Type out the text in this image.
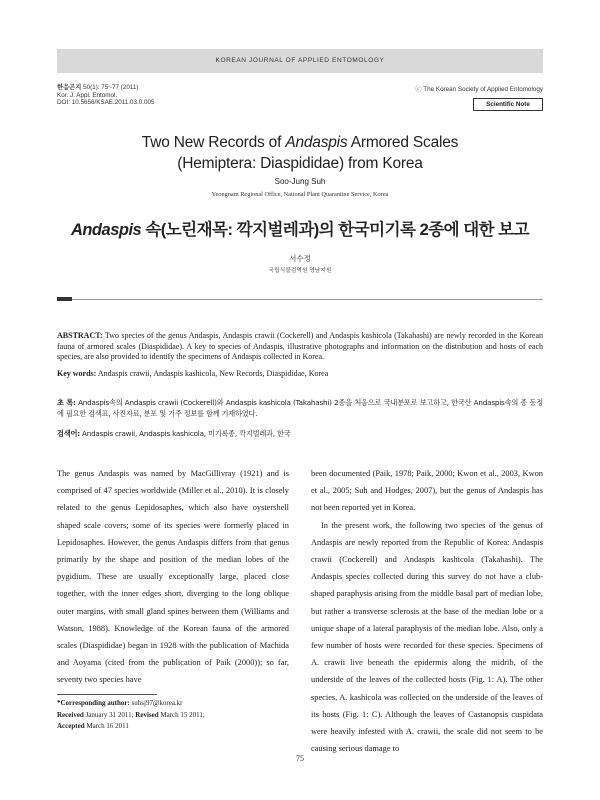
KOREAN JOURNAL OF APPLIED ENTOMOLOGY
한응곤지 50(1): 75~77 (2011)
Kor. J. Appl. Entomol.
DOI: 10.5656/KSAE.2011.03.0.005
ⓒ The Korean Society of Applied Entomology
Scientific Note
Two New Records of Andaspis Armored Scales
(Hemiptera: Diaspididae) from Korea
Soo-Jung Suh
Yeongnam Regional Office, National Plant Quarantine Service, Korea
Andaspis 속(노린재목: 깍지벌레과)의 한국미기록 2종에 대한 보고
서수정
국립식물검역원 영남지원
ABSTRACT: Two species of the genus Andaspis, Andaspis crawii (Cockerell) and Andaspis kashicola (Takahashi) are newly recorded in the Korean fauna of armored scales (Diaspididae). A key to species of Andaspis, illustrative photographs and information on the distribution and hosts of each species, are also provided to identify the specimens of Andaspis collected in Korea.
Key words: Andaspis crawii, Andaspis kashicola, New Records, Diaspididae, Korea
초 록: Andaspis속의 Andaspis crawii (Cockerell)와 Andaspis kashicola (Takahashi) 2종을 처음으로 국내분포로 보고하고, 한국산 Andaspis속의 종 동정에 필요한 검색표, 사진자료, 분포 및 기주 정보를 함께 기재하였다.
검색어: Andaspis crawii, Andaspis kashicola, 미기록종, 깍지벌레과, 한국

The genus Andaspis was named by MacGillivray (1921) and is comprised of 47 species worldwide (Miller et al., 2010). It is closely related to the genus Lepidosaphes, which also have oystershell shaped scale covers; some of its species were formerly placed in Lepidosaphes. However, the genus Andaspis differs from that genus primarily by the shape and position of the median lobes of the pygidium. These are usually exceptionally large, placed close together, with the inner edges short, diverging to the long oblique outer margins, with small gland spines between them (Williams and Watson, 1988). Knowledge of the Korean fauna of the armored scales (Diaspididae) began in 1928 with the publication of Machida and Aoyama (cited from the publication of Paik (2000)); so far, seventy two species have

been documented (Paik, 1978; Paik, 2000; Kwon et al., 2003, Kwon et al., 2005; Suh and Hodges, 2007), but the genus of Andaspis has not been reported yet in Korea.

In the present work, the following two species of the genus of Andaspis are newly reported from the Republic of Korea: Andaspis crawii (Cockerell) and Andaspis kashicola (Takahashi). The Andaspis species collected during this survey do not have a club-shaped paraphysis arising from the middle basal part of median lobe, but rather a transverse sclerosis at the base of the median lobe or a unique shape of a lateral paraphysis of the median lobe. Also, only a few number of hosts were recorded for these species. Specimens of A. crawii live beneath the epidermis along the midrib, of the underside of the leaves of the collected hosts (Fig. 1: A). The other species, A. kashicola was collected on the underside of the leaves of its hosts (Fig. 1: C). Although the leaves of Castanopsis cuspidata were heavily infested with A. crawii, the scale did not seem to be causing serious damage to

*Corresponding author: suhsj97@korea.kr
Received January 31 2011; Revised March 15 2011;
Accepted March 16 2011
75
